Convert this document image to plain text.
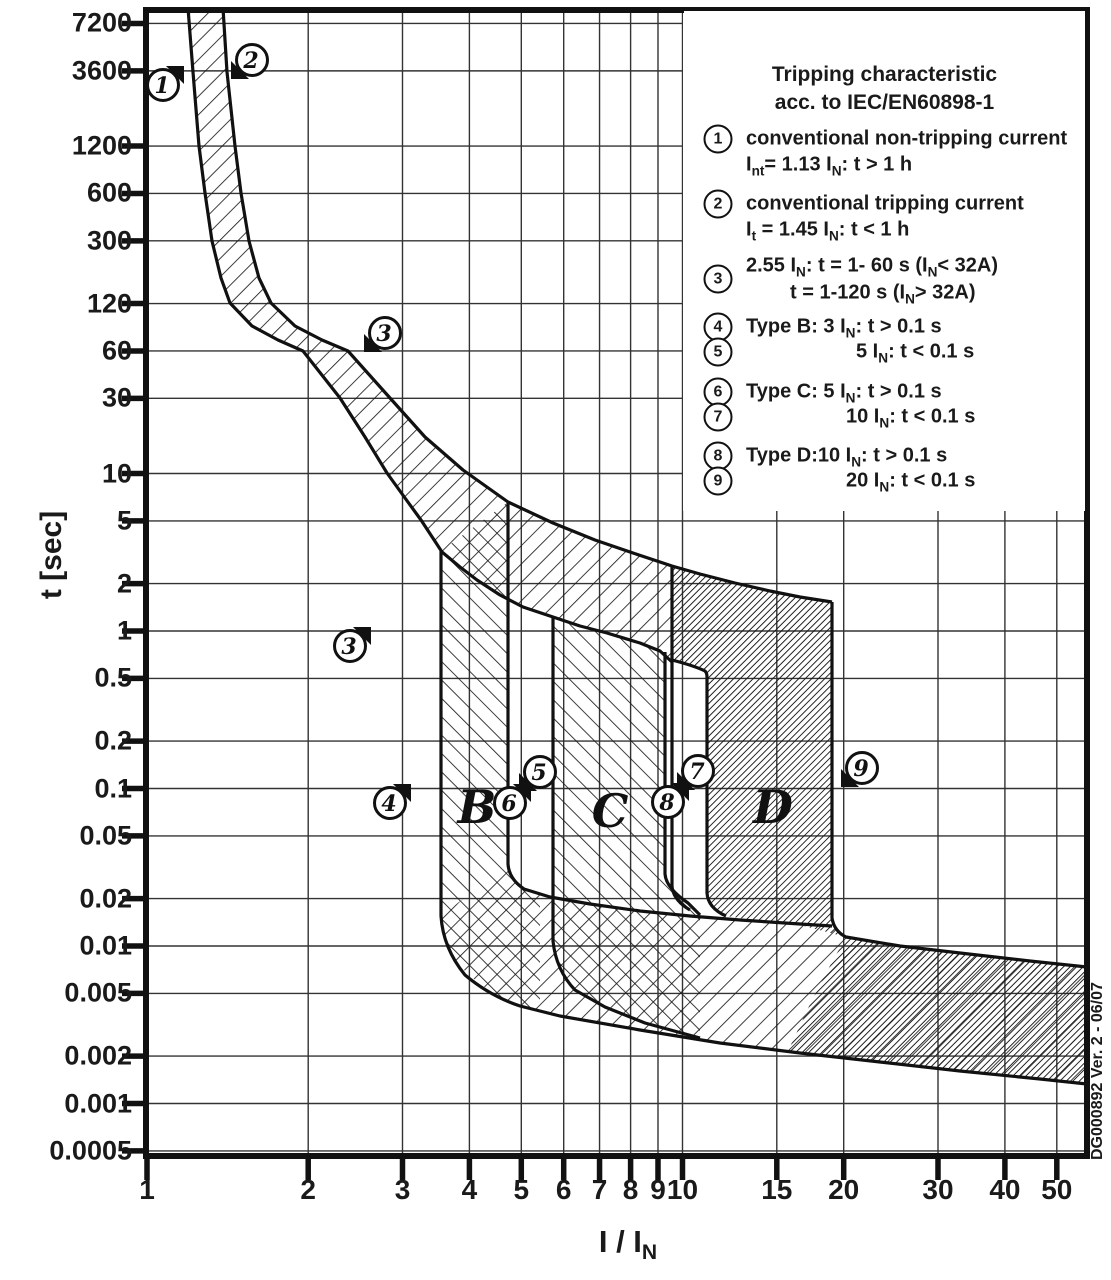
1
2
3
3
4
5
6
7
8
9
B C	D
t [sec]
I / $I_N$
DG000892 Ver. 2 - 06/07
Tripping characteristic
acc. to IEC/EN60898-1
1	conventional non-tripping current
$I_{nt}= 1.13$ $I_N$: t > 1 h
2	conventional tripping current
$I_t = 1.45$ $I_N$: t < 1 h
3
2.55 $I_N$: t = 1- 60 s $(I_N< 32A)$
t = 1-120 s $(I_N> 32A)$
4	Type B: 3 $I_N$: t > 0.1 s
5	5 $I_N$: t < 0.1 s
6	Type C: 5 $I_N$: t > 0.1 s
7	10 $I_N$: t < 0.1 s
8	Type D:10 $I_N$: t > 0.1 s
9	20 $I_N$: t < 0.1 s
7200
3600
1200
600
300
120
60
30
10
5
2
1
0.5
0.2
0.1
0.05
0.02
0.01
0.005
0.002
0.001
0.0005
1	2	3 4 5 6 7 8 9 10 15 20 30 40 50
